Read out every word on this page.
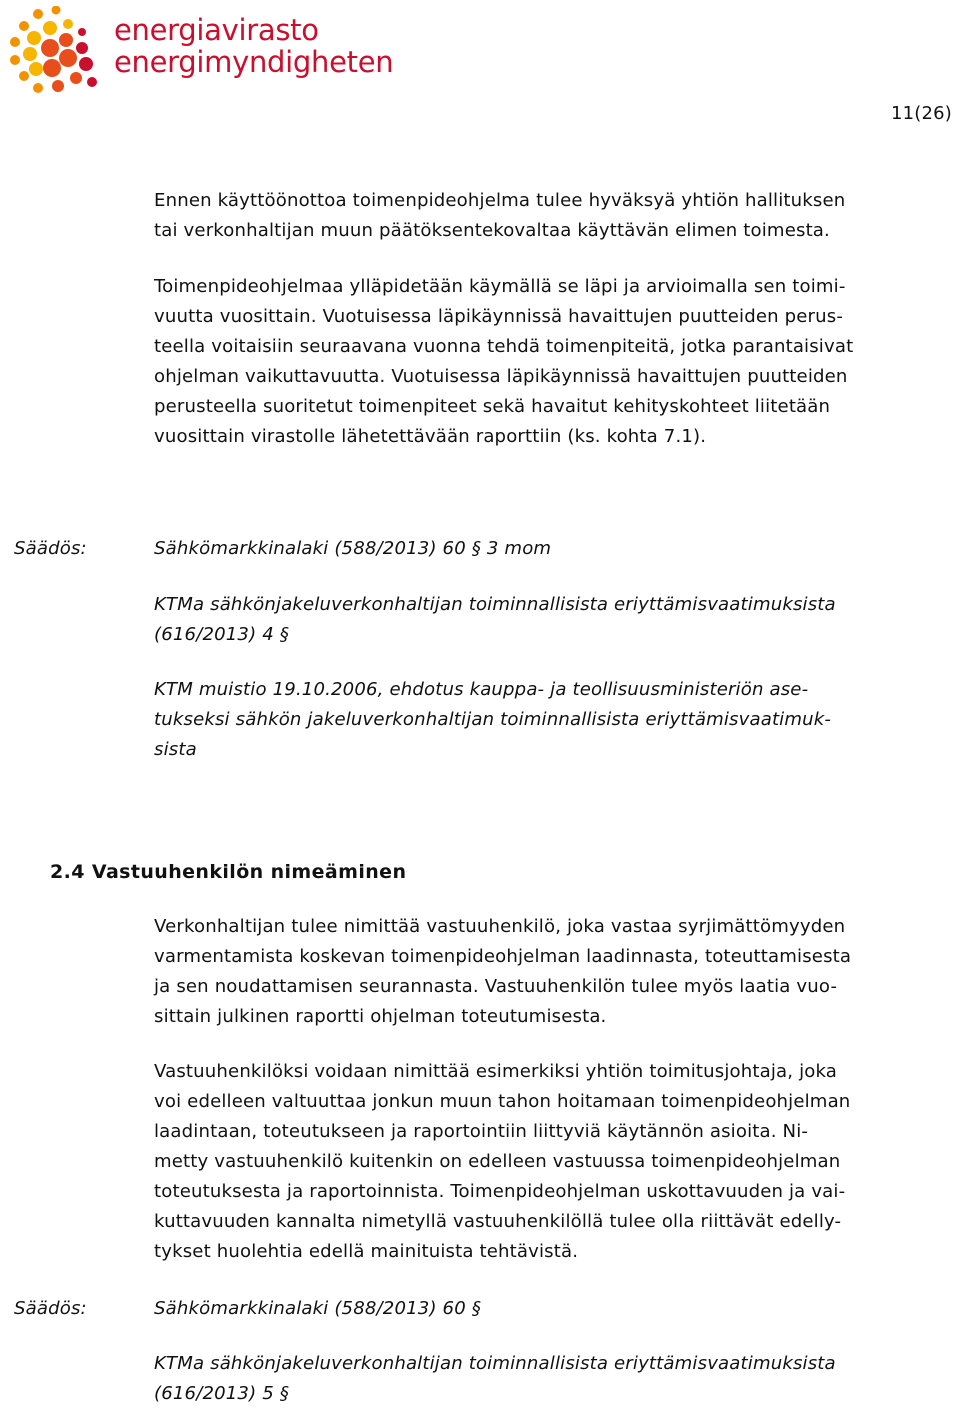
energiavirasto
energimyndigheten
11(26)

Ennen käyttöönottoa toimenpideohjelma tulee hyväksyä yhtiön hallituksen
tai verkonhaltijan muun päätöksentekovaltaa käyttävän elimen toimesta.

Toimenpideohjelmaa ylläpidetään käymällä se läpi ja arvioimalla sen toimi-
vuutta vuosittain. Vuotuisessa läpikäynnissä havaittujen puutteiden perus-
teella voitaisiin seuraavana vuonna tehdä toimenpiteitä, jotka parantaisivat
ohjelman vaikuttavuutta. Vuotuisessa läpikäynnissä havaittujen puutteiden
perusteella suoritetut toimenpiteet sekä havaitut kehityskohteet liitetään
vuosittain virastolle lähetettävään raporttiin (ks. kohta 7.1).

Säädös:	Sähkömarkkinalaki (588/2013) 60 § 3 mom

KTMa sähkönjakeluverkonhaltijan toiminnallisista eriyttämisvaatimuksista
(616/2013) 4 §

KTM muistio 19.10.2006, ehdotus kauppa- ja teollisuusministeriön ase-
tukseksi sähkön jakeluverkonhaltijan toiminnallisista eriyttämisvaatimuk-
sista

2.4 Vastuuhenkilön nimeäminen

Verkonhaltijan tulee nimittää vastuuhenkilö, joka vastaa syrjimättömyyden
varmentamista koskevan toimenpideohjelman laadinnasta, toteuttamisesta
ja sen noudattamisen seurannasta. Vastuuhenkilön tulee myös laatia vuo-
sittain julkinen raportti ohjelman toteutumisesta.

Vastuuhenkilöksi voidaan nimittää esimerkiksi yhtiön toimitusjohtaja, joka
voi edelleen valtuuttaa jonkun muun tahon hoitamaan toimenpideohjelman
laadintaan, toteutukseen ja raportointiin liittyviä käytännön asioita. Ni-
metty vastuuhenkilö kuitenkin on edelleen vastuussa toimenpideohjelman
toteutuksesta ja raportoinnista. Toimenpideohjelman uskottavuuden ja vai-
kuttavuuden kannalta nimetyllä vastuuhenkilöllä tulee olla riittävät edelly-
tykset huolehtia edellä mainituista tehtävistä.

Säädös:	Sähkömarkkinalaki (588/2013) 60 §

KTMa sähkönjakeluverkonhaltijan toiminnallisista eriyttämisvaatimuksista
(616/2013) 5 §
